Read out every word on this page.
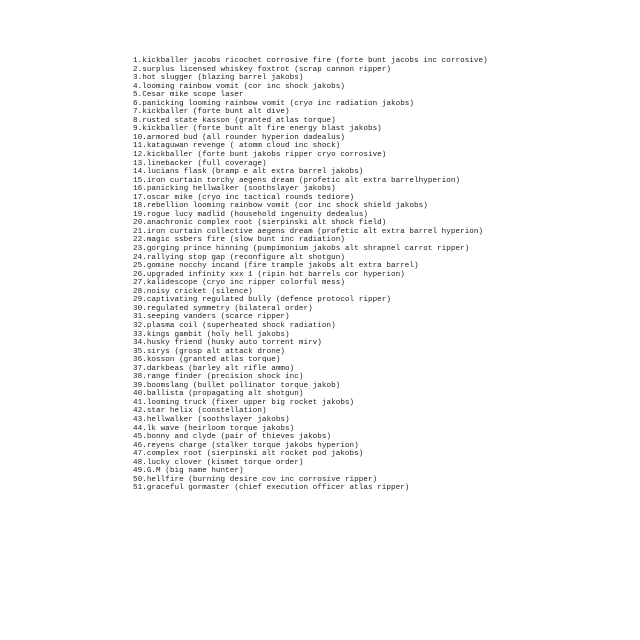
1.kickballer jacobs ricochet corrosive fire (forte bunt jacobs inc corrosive)
2.surplus licensed whiskey foxtrot (scrap cannon ripper)
3.hot slugger (blazing barrel jakobs)
4.looming rainbow vomit (cor inc shock jakobs)
5.Cesar mike scope laser
6.panicking looming rainbow vomit (cryo inc radiation jakobs)
7.kickballer (forte bunt alt dive)
8.rusted state kasson (granted atlas torque)
9.kickballer (forte bunt alt fire energy blast jakobs)
10.armored bud (all rounder hyperion dadealus)
11.kataguwan revenge ( atomm cloud inc shock)
12.kickballer (forte bunt jakobs ripper cryo corrosive)
13.linebacker (full coverage)
14.lucians flask (bramp e alt extra barrel jakobs)
15.iron curtain torchy aegens dream (profetic alt extra barrelhyperion)
16.panicking hellwalker (soothslayer jakobs)
17.oscar mike (cryo inc tactical rounds tediore)
18.rebellion looming rainbow vomit (cor inc shock shield jakobs)
19.rogue lucy madlid (household ingenuity dedealus)
20.anachronic complex root (sierpinski alt shock field)
21.iron curtain collective aegens dream (profetic alt extra barrel hyperion)
22.magic ssbers fire (slow bunt inc radiation)
23.gorging prince hinning (pumpimonium jakobs alt shrapnel carrot ripper)
24.rallying stop gap (reconfigure alt shotgun)
25.gomine nocchy incand (fire trample jakobs alt extra barrel)
26.upgraded infinity xxx 1 (ripin hot barrels cor hyperion)
27.kalidescope (cryo inc ripper colorful mess)
28.noisy cricket (silence)
29.captivating regulated bully (defence protocol ripper)
30.regulated symmetry (bilateral order)
31.seeping vanders (scarce ripper)
32.plasma coil (superheated shock radiation)
33.kings gambit (holy hell jakobs)
34.husky friend (husky auto torrent mirv)
35.sirys (grosp alt attack drone)
36.kosson (granted atlas torque)
37.darkbeas (barley alt rifle ammo)
38.range finder (precision shock inc)
39.boomslang (bullet pollinator torque jakob)
40.ballista (propagating alt shotgun)
41.looming truck (fixer upper big rocket jakobs)
42.star helix (constellation)
43.hellwalker (soothslayer jakobs)
44.lk wave (heirloom torque jakobs)
45.bonny and clyde (pair of thieves jakobs)
46.reyens charge (stalker torque jakobs hyperion)
47.complex root (sierpinski alt rocket pod jakobs)
48.lucky clover (kismet torque order)
49.G.M (big name hunter)
50.hellfire (burning desire cov inc corrosive ripper)
51.graceful gormaster (chief execution officer atlas ripper)
